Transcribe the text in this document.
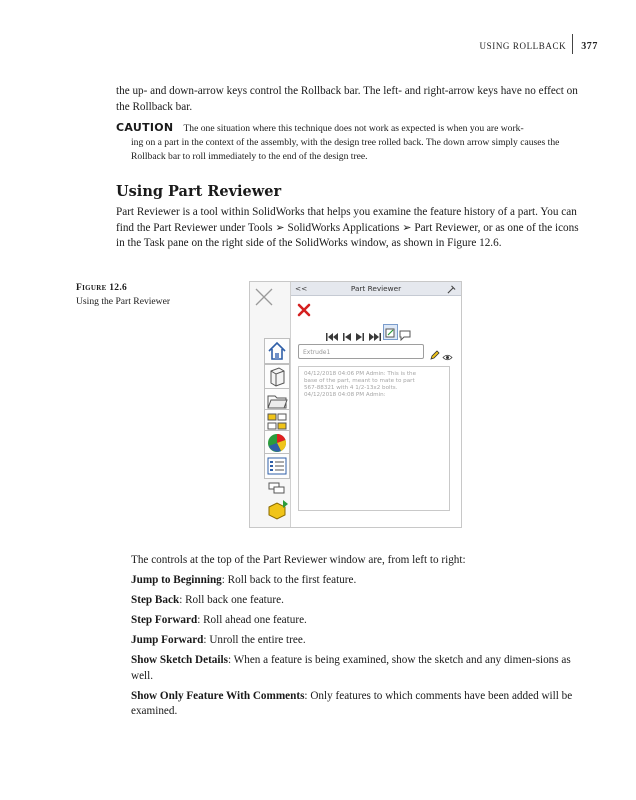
USING ROLLBACK	377

the up- and down-arrow keys control the Rollback bar. The left- and right-arrow keys have no effect on the Rollback bar.

CAUTION The one situation where this technique does not work as expected is when you are work-
ing on a part in the context of the assembly, with the design tree rolled back. The down arrow simply causes the Rollback bar to roll immediately to the end of the design tree.
Using Part Reviewer

Part Reviewer is a tool within SolidWorks that helps you examine the feature history of a part. You can find the Part Reviewer under Tools ➢ SolidWorks Applications ➢ Part Reviewer, or as one of the icons in the Task pane on the right side of the SolidWorks window, as shown in Figure 12.6.

Figure 12.6
Using the Part Reviewer
<<	Part Reviewer
Extrude1
04/12/2018 04:06 PM Admin: This is the
base of the part, meant to mate to part
567-88321 with 4 1/2-13x2 bolts.
04/12/2018 04:08 PM Admin:

The controls at the top of the Part Reviewer window are, from left to right:

Jump to Beginning: Roll back to the first feature.
Step Back: Roll back one feature.
Step Forward: Roll ahead one feature.
Jump Forward: Unroll the entire tree.
Show Sketch Details: When a feature is being examined, show the sketch and any dimen-sions as well.
Show Only Feature With Comments: Only features to which comments have been added will be examined.
